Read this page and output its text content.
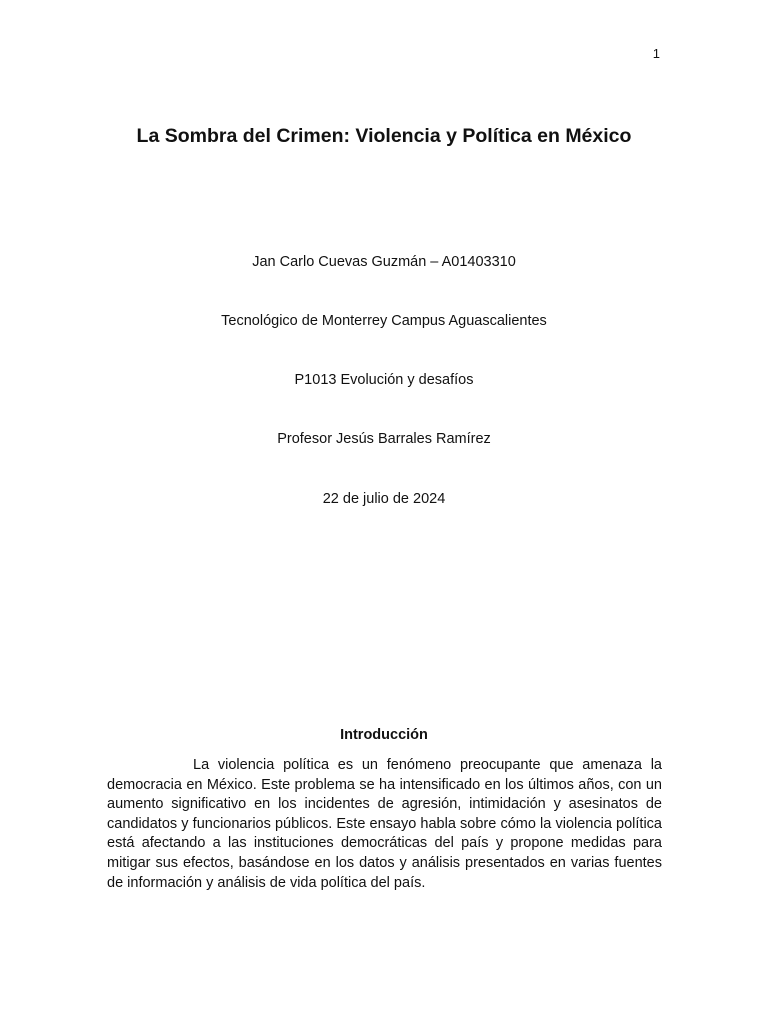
1
La Sombra del Crimen: Violencia y Política en México
Jan Carlo Cuevas Guzmán – A01403310
Tecnológico de Monterrey Campus Aguascalientes
P1013 Evolución y desafíos
Profesor Jesús Barrales Ramírez
22 de julio de 2024
Introducción

La violencia política es un fenómeno preocupante que amenaza la democracia en México. Este problema se ha intensificado en los últimos años, con un aumento significativo en los incidentes de agresión, intimidación y asesinatos de candidatos y funcionarios públicos. Este ensayo habla sobre cómo la violencia política está afectando a las instituciones democráticas del país y propone medidas para mitigar sus efectos, basándose en los datos y análisis presentados en varias fuentes de información y análisis de vida política del país.
